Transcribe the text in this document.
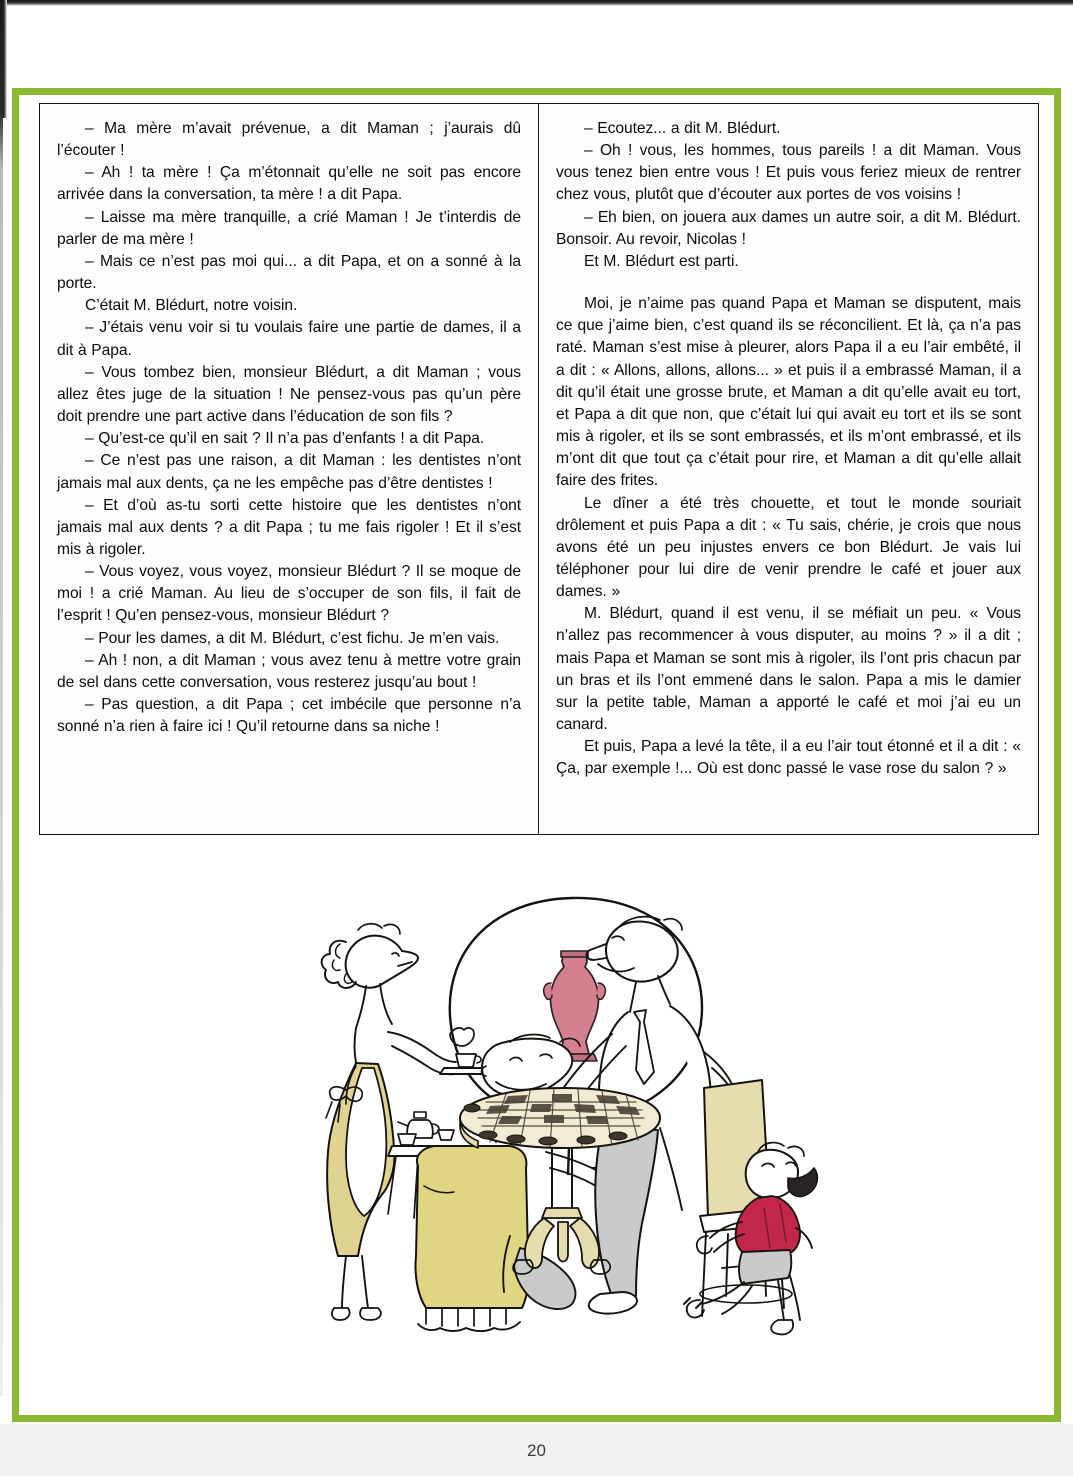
– Ma mère m’avait prévenue, a dit Maman ; j’aurais dû l’écouter !

– Ah ! ta mère ! Ça m’étonnait qu’elle ne soit pas encore arrivée dans la conversation, ta mère ! a dit Papa.

– Laisse ma mère tranquille, a crié Maman ! Je t’interdis de parler de ma mère !

– Mais ce n’est pas moi qui... a dit Papa, et on a sonné à la porte.

C’était M. Blédurt, notre voisin.

– J’étais venu voir si tu voulais faire une partie de dames, il a dit à Papa.

– Vous tombez bien, monsieur Blédurt, a dit Maman ; vous allez êtes juge de la situation ! Ne pensez-vous pas qu’un père doit prendre une part active dans l’éducation de son fils ?

– Qu’est-ce qu’il en sait ? Il n’a pas d’enfants ! a dit Papa.

– Ce n’est pas une raison, a dit Maman : les dentistes n’ont jamais mal aux dents, ça ne les empêche pas d’être dentistes !

– Et d’où as-tu sorti cette histoire que les dentistes n’ont jamais mal aux dents ? a dit Papa ; tu me fais rigoler ! Et il s’est mis à rigoler.

– Vous voyez, vous voyez, monsieur Blédurt ? Il se moque de moi ! a crié Maman. Au lieu de s’occuper de son fils, il fait de l’esprit ! Qu’en pensez-vous, monsieur Blédurt ?

– Pour les dames, a dit M. Blédurt, c’est fichu. Je m’en vais.

– Ah ! non, a dit Maman ; vous avez tenu à mettre votre grain de sel dans cette conversation, vous resterez jusqu’au bout !

– Pas question, a dit Papa ; cet imbécile que personne n’a sonné n’a rien à faire ici ! Qu’il retourne dans sa niche !

– Ecoutez... a dit M. Blédurt.

– Oh ! vous, les hommes, tous pareils ! a dit Maman. Vous vous tenez bien entre vous ! Et puis vous feriez mieux de rentrer chez vous, plutôt que d’écouter aux portes de vos voisins !

– Eh bien, on jouera aux dames un autre soir, a dit M. Blédurt. Bonsoir. Au revoir, Nicolas !

Et M. Blédurt est parti.

Moi, je n’aime pas quand Papa et Maman se disputent, mais ce que j’aime bien, c’est quand ils se réconcilient. Et là, ça n’a pas raté. Maman s’est mise à pleurer, alors Papa il a eu l’air embêté, il a dit : « Allons, allons, allons... » et puis il a embrassé Maman, il a dit qu’il était une grosse brute, et Maman a dit qu’elle avait eu tort, et Papa a dit que non, que c’était lui qui avait eu tort et ils se sont mis à rigoler, et ils se sont embrassés, et ils m’ont embrassé, et ils m’ont dit que tout ça c’était pour rire, et Maman a dit qu’elle allait faire des frites.

Le dîner a été très chouette, et tout le monde souriait drôlement et puis Papa a dit : « Tu sais, chérie, je crois que nous avons été un peu injustes envers ce bon Blédurt. Je vais lui téléphoner pour lui dire de venir prendre le café et jouer aux dames. »

M. Blédurt, quand il est venu, il se méfiait un peu. « Vous n’allez pas recommencer à vous disputer, au moins ? » il a dit ; mais Papa et Maman se sont mis à rigoler, ils l’ont pris chacun par un bras et ils l’ont emmené dans le salon. Papa a mis le damier sur la petite table, Maman a apporté le café et moi j’ai eu un canard.

Et puis, Papa a levé la tête, il a eu l’air tout étonné et il a dit : « Ça, par exemple !... Où est donc passé le vase rose du salon ? »

20
